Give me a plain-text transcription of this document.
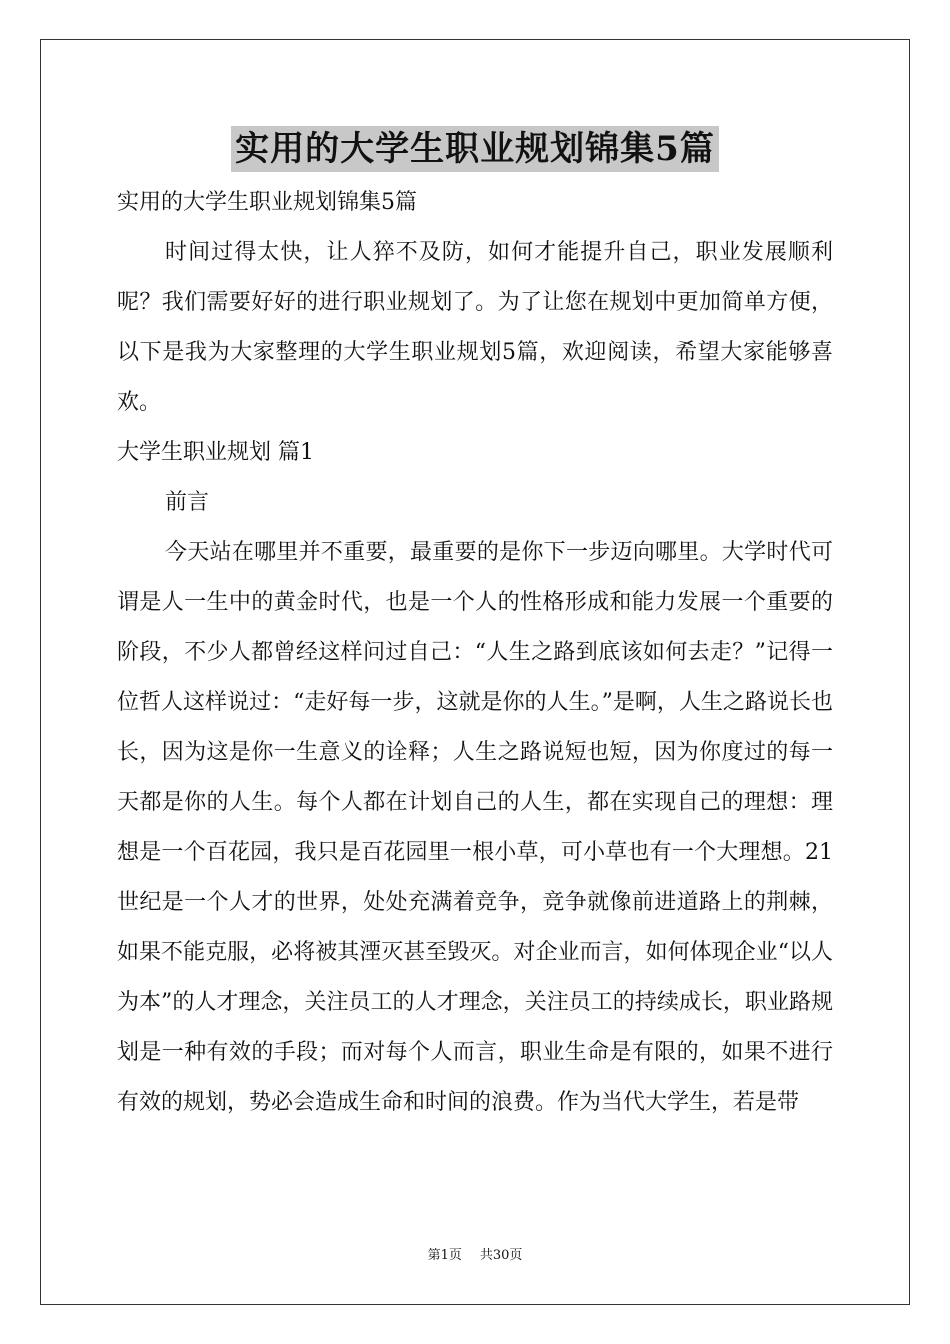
实用的大学生职业规划锦集5篇

实用的大学生职业规划锦集5篇

时间过得太快，让人猝不及防，如何才能提升自己，职业发展顺利呢？我们需要好好的进行职业规划了。为了让您在规划中更加简单方便，以下是我为大家整理的大学生职业规划5篇，欢迎阅读，希望大家能够喜欢。

大学生职业规划 篇1

前言

今天站在哪里并不重要，最重要的是你下一步迈向哪里。大学时代可谓是人一生中的黄金时代，也是一个人的性格形成和能力发展一个重要的阶段，不少人都曾经这样问过自己：“人生之路到底该如何去走？”记得一位哲人这样说过：“走好每一步，这就是你的人生。”是啊，人生之路说长也长，因为这是你一生意义的诠释；人生之路说短也短，因为你度过的每一天都是你的人生。每个人都在计划自己的人生，都在实现自己的理想：理想是一个百花园，我只是百花园里一根小草，可小草也有一个大理想。21世纪是一个人才的世界，处处充满着竞争，竞争就像前进道路上的荆棘，如果不能克服，必将被其湮灭甚至毁灭。对企业而言，如何体现企业“以人为本”的人才理念，关注员工的人才理念，关注员工的持续成长，职业路规划是一种有效的手段；而对每个人而言，职业生命是有限的，如果不进行有效的规划，势必会造成生命和时间的浪费。作为当代大学生，若是带

第1页 共30页
